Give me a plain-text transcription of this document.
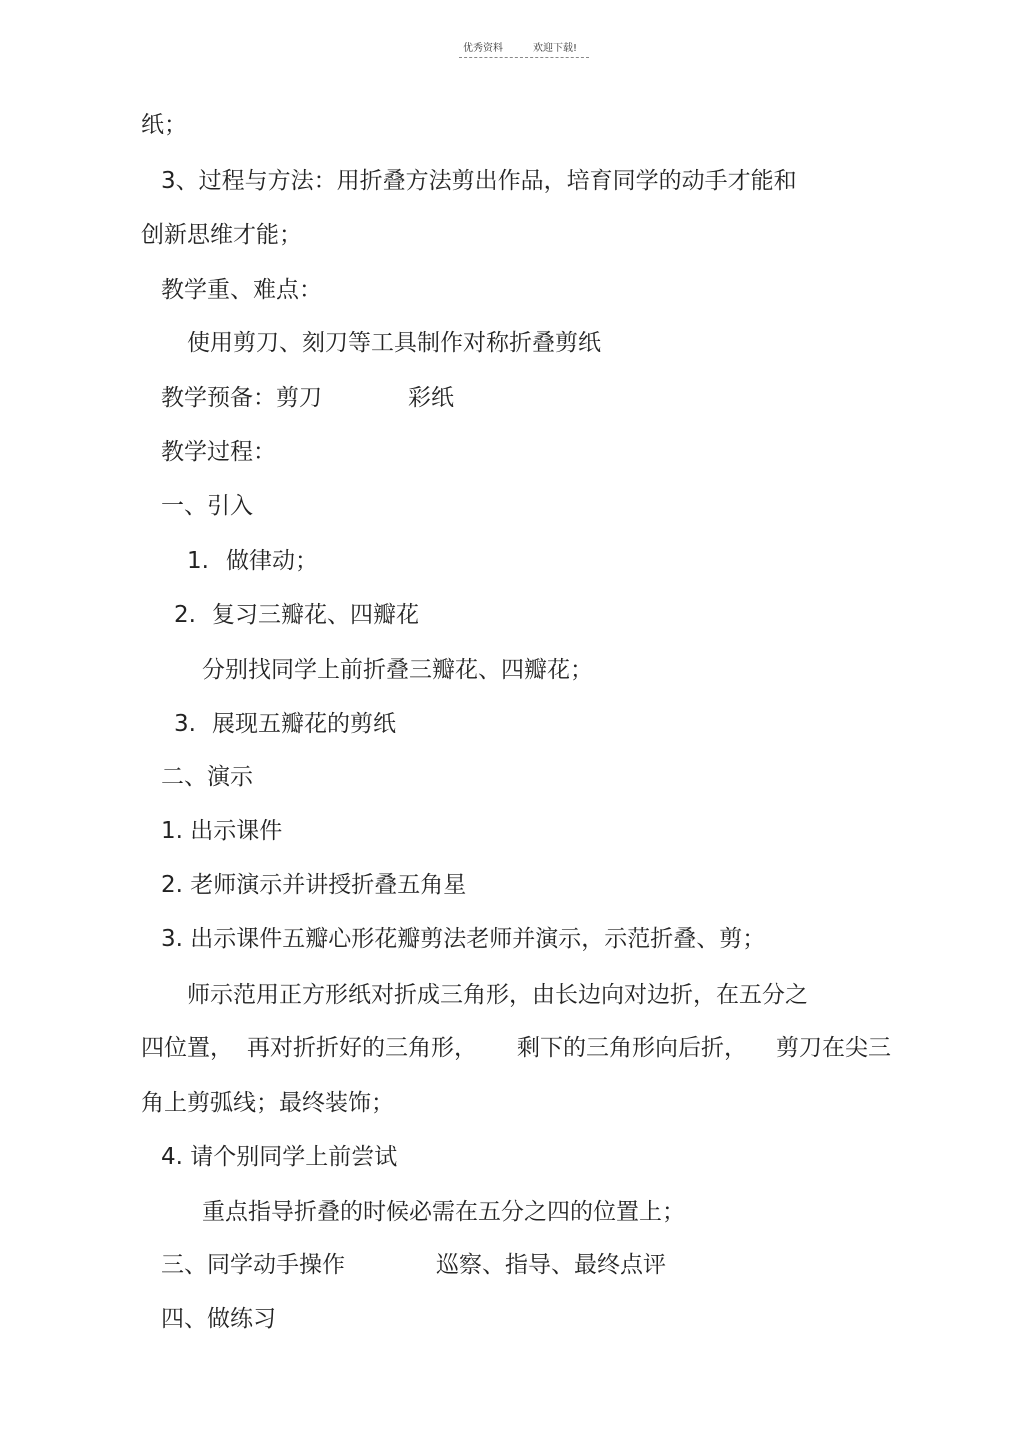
优秀资料	欢迎下载!
纸；
3、过程与方法：用折叠方法剪出作品，培育同学的动手才能和
创新思维才能；
教学重、难点：
使用剪刀、刻刀等工具制作对称折叠剪纸
教学预备：剪刀	彩纸
教学过程：
一、引入
1. 做律动；
2. 复习三瓣花、四瓣花
分别找同学上前折叠三瓣花、四瓣花；
3. 展现五瓣花的剪纸
二、演示
1. 出示课件
2. 老师演示并讲授折叠五角星
3. 出示课件五瓣心形花瓣剪法老师并演示，示范折叠、剪；
师示范用正方形纸对折成三角形，由长边向对边折，在五分之
四位置， 再对折折好的三角形， 剩下的三角形向后折， 剪刀在尖三
角上剪弧线；最终装饰；
4. 请个别同学上前尝试
重点指导折叠的时候必需在五分之四的位置上；
三、同学动手操作	巡察、指导、最终点评
四、做练习
